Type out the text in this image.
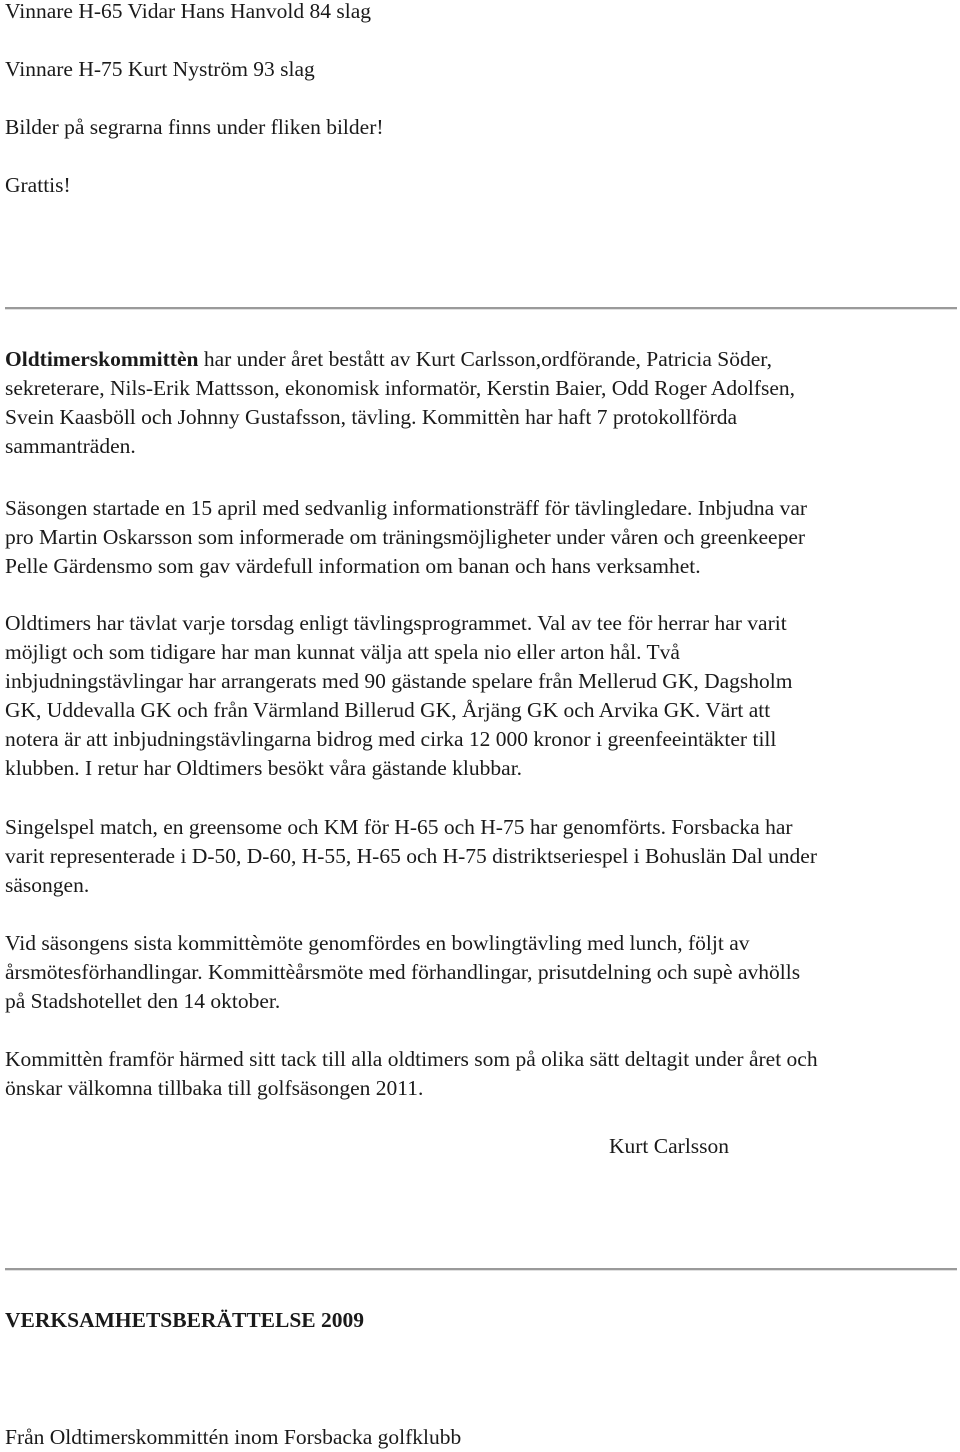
Vinnare H-65 Vidar Hans Hanvold 84 slag

Vinnare H-75 Kurt Nyström 93 slag

Bilder på segrarna finns under fliken bilder!

Grattis!

Oldtimerskommittèn har under året bestått av Kurt Carlsson,ordförande, Patricia Söder,
sekreterare, Nils-Erik Mattsson, ekonomisk informatör, Kerstin Baier, Odd Roger Adolfsen,
Svein Kaasböll och Johnny Gustafsson, tävling. Kommittèn har haft 7 protokollförda
sammanträden.
Säsongen startade en 15 april med sedvanlig informationsträff för tävlingledare. Inbjudna var
pro Martin Oskarsson som informerade om träningsmöjligheter under våren och greenkeeper
Pelle Gärdensmo som gav värdefull information om banan och hans verksamhet.
Oldtimers har tävlat varje torsdag enligt tävlingsprogrammet. Val av tee för herrar har varit
möjligt och som tidigare har man kunnat välja att spela nio eller arton hål. Två
inbjudningstävlingar har arrangerats med 90 gästande spelare från Mellerud GK, Dagsholm
GK, Uddevalla GK och från Värmland Billerud GK, Årjäng GK och Arvika GK. Värt att
notera är att inbjudningstävlingarna bidrog med cirka 12 000 kronor i greenfeeintäkter till
klubben. I retur har Oldtimers besökt våra gästande klubbar.
Singelspel match, en greensome och KM för H-65 och H-75 har genomförts. Forsbacka har
varit representerade i D-50, D-60, H-55, H-65 och H-75 distriktseriespel i Bohuslän Dal under
säsongen.
Vid säsongens sista kommittèmöte genomfördes en bowlingtävling med lunch, följt av
årsmötesförhandlingar. Kommittèårsmöte med förhandlingar, prisutdelning och supè avhölls
på Stadshotellet den 14 oktober.
Kommittèn framför härmed sitt tack till alla oldtimers som på olika sätt deltagit under året och
önskar välkomna tillbaka till golfsäsongen 2011.
Kurt Carlsson

VERKSAMHETSBERÄTTELSE 2009

Från Oldtimerskommittén inom Forsbacka golfklubb
